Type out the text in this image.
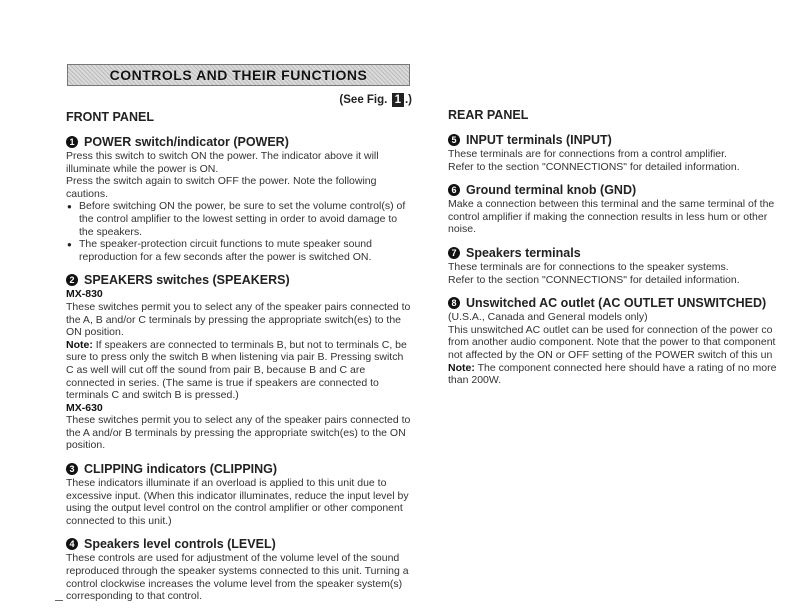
CONTROLS AND THEIR FUNCTIONS
(See Fig. 1 .)
FRONT PANEL
1 POWER switch/indicator (POWER)

Press this switch to switch ON the power. The indicator above it will illuminate while the power is ON.

Press the switch again to switch OFF the power. Note the following cautions.

● Before switching ON the power, be sure to set the volume control(s) of the control amplifier to the lowest setting in order to avoid damage to the speakers.
● The speaker-protection circuit functions to mute speaker sound reproduction for a few seconds after the power is switched ON.
2 SPEAKERS switches (SPEAKERS)
MX-830

These switches permit you to select any of the speaker pairs connected to the A, B and/or C terminals by pressing the appropriate switch(es) to the ON position.

Note: If speakers are connected to terminals B, but not to terminals C, be sure to press only the switch B when listening via pair B. Pressing switch C as well will cut off the sound from pair B, because B and C are connected in series. (The same is true if speakers are connected to terminals C and switch B is pressed.)

MX-630

These switches permit you to select any of the speaker pairs connected to the A and/or B terminals by pressing the appropriate switch(es) to the ON position.

3 CLIPPING indicators (CLIPPING)

These indicators illuminate if an overload is applied to this unit due to excessive input. (When this indicator illuminates, reduce the input level by using the output level control on the control amplifier or other component connected to this unit.)

4 Speakers level controls (LEVEL)

These controls are used for adjustment of the volume level of the sound reproduced through the speaker systems connected to this unit. Turning a control clockwise increases the volume level from the speaker system(s) corresponding to that control.

REAR PANEL
5 INPUT terminals (INPUT)

These terminals are for connections from a control amplifier.

Refer to the section "CONNECTIONS" for detailed information.

6 Ground terminal knob (GND)

Make a connection between this terminal and the same terminal of the control amplifier if making the connection results in less hum or other noise.

7 Speakers terminals

These terminals are for connections to the speaker systems.

Refer to the section "CONNECTIONS" for detailed information.

8 Unswitched AC outlet (AC OUTLET UNSWITCHED)

(U.S.A., Canada and General models only)

This unswitched AC outlet can be used for connection of the power co

from another audio component. Note that the power to that component

not affected by the ON or OFF setting of the POWER switch of this un

Note: The component connected here should have a rating of no more

than 200W.
